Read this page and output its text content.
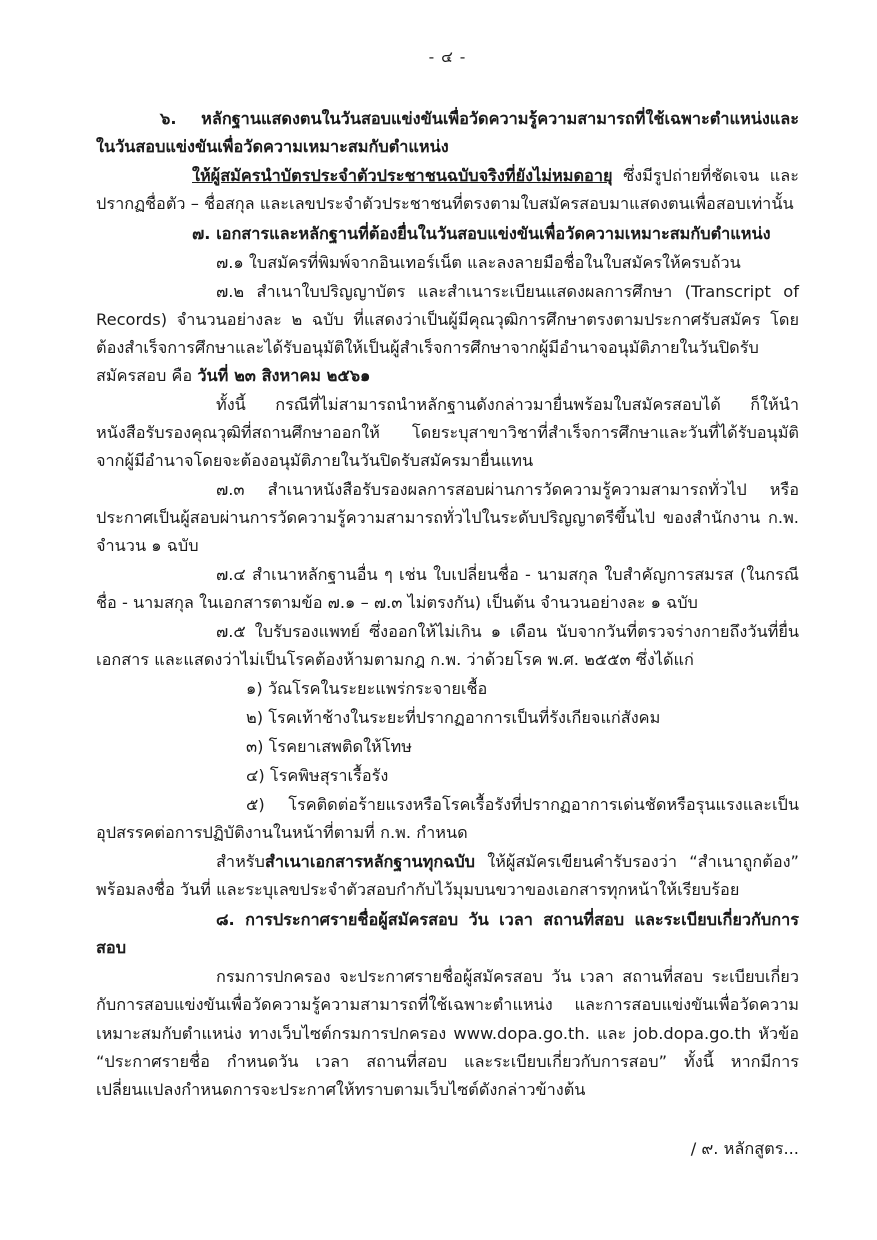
- ๔ -

๖. หลักฐานแสดงตนในวันสอบแข่งขันเพื่อวัดความรู้ความสามารถที่ใช้เฉพาะตำแหน่งและในวันสอบแข่งขันเพื่อวัดความเหมาะสมกับตำแหน่ง

ให้ผู้สมัครนำบัตรประจำตัวประชาชนฉบับจริงที่ยังไม่หมดอายุ ซึ่งมีรูปถ่ายที่ชัดเจน และปรากฏชื่อตัว – ชื่อสกุล และเลขประจำตัวประชาชนที่ตรงตามใบสมัครสอบมาแสดงตนเพื่อสอบเท่านั้น

๗. เอกสารและหลักฐานที่ต้องยื่นในวันสอบแข่งขันเพื่อวัดความเหมาะสมกับตำแหน่ง

๗.๑ ใบสมัครที่พิมพ์จากอินเทอร์เน็ต และลงลายมือชื่อในใบสมัครให้ครบถ้วน

๗.๒ สำเนาใบปริญญาบัตร และสำเนาระเบียนแสดงผลการศึกษา (Transcript of Records) จำนวนอย่างละ ๒ ฉบับ ที่แสดงว่าเป็นผู้มีคุณวุฒิการศึกษาตรงตามประกาศรับสมัคร โดยต้องสำเร็จการศึกษาและได้รับอนุมัติให้เป็นผู้สำเร็จการศึกษาจากผู้มีอำนาจอนุมัติภายในวันปิดรับสมัครสอบ คือ วันที่ ๒๓ สิงหาคม ๒๕๖๑

ทั้งนี้ กรณีที่ไม่สามารถนำหลักฐานดังกล่าวมายื่นพร้อมใบสมัครสอบได้ ก็ให้นำหนังสือรับรองคุณวุฒิที่สถานศึกษาออกให้ โดยระบุสาขาวิชาที่สำเร็จการศึกษาและวันที่ได้รับอนุมัติจากผู้มีอำนาจโดยจะต้องอนุมัติภายในวันปิดรับสมัครมายื่นแทน

๗.๓ สำเนาหนังสือรับรองผลการสอบผ่านการวัดความรู้ความสามารถทั่วไป หรือประกาศเป็นผู้สอบผ่านการวัดความรู้ความสามารถทั่วไปในระดับปริญญาตรีขึ้นไป ของสำนักงาน ก.พ. จำนวน ๑ ฉบับ

๗.๔ สำเนาหลักฐานอื่น ๆ เช่น ใบเปลี่ยนชื่อ - นามสกุล ใบสำคัญการสมรส (ในกรณีชื่อ - นามสกุล ในเอกสารตามข้อ ๗.๑ – ๗.๓ ไม่ตรงกัน) เป็นต้น จำนวนอย่างละ ๑ ฉบับ

๗.๕ ใบรับรองแพทย์ ซึ่งออกให้ไม่เกิน ๑ เดือน นับจากวันที่ตรวจร่างกายถึงวันที่ยื่นเอกสาร และแสดงว่าไม่เป็นโรคต้องห้ามตามกฎ ก.พ. ว่าด้วยโรค พ.ศ. ๒๕๕๓ ซึ่งได้แก่

๑) วัณโรคในระยะแพร่กระจายเชื้อ

๒) โรคเท้าช้างในระยะที่ปรากฏอาการเป็นที่รังเกียจแก่สังคม

๓) โรคยาเสพติดให้โทษ

๔) โรคพิษสุราเรื้อรัง

๕) โรคติดต่อร้ายแรงหรือโรคเรื้อรังที่ปรากฏอาการเด่นชัดหรือรุนแรงและเป็นอุปสรรคต่อการปฏิบัติงานในหน้าที่ตามที่ ก.พ. กำหนด

สำหรับสำเนาเอกสารหลักฐานทุกฉบับ ให้ผู้สมัครเขียนคำรับรองว่า “สำเนาถูกต้อง” พร้อมลงชื่อ วันที่ และระบุเลขประจำตัวสอบกำกับไว้มุมบนขวาของเอกสารทุกหน้าให้เรียบร้อย

๘. การประกาศรายชื่อผู้สมัครสอบ วัน เวลา สถานที่สอบ และระเบียบเกี่ยวกับการสอบ

กรมการปกครอง จะประกาศรายชื่อผู้สมัครสอบ วัน เวลา สถานที่สอบ ระเบียบเกี่ยวกับการสอบแข่งขันเพื่อวัดความรู้ความสามารถที่ใช้เฉพาะตำแหน่ง และการสอบแข่งขันเพื่อวัดความเหมาะสมกับตำแหน่ง ทางเว็บไซต์กรมการปกครอง www.dopa.go.th. และ job.dopa.go.th หัวข้อ “ประกาศรายชื่อ กำหนดวัน เวลา สถานที่สอบ และระเบียบเกี่ยวกับการสอบ” ทั้งนี้ หากมีการเปลี่ยนแปลงกำหนดการจะประกาศให้ทราบตามเว็บไซต์ดังกล่าวข้างต้น

/ ๙. หลักสูตร...
